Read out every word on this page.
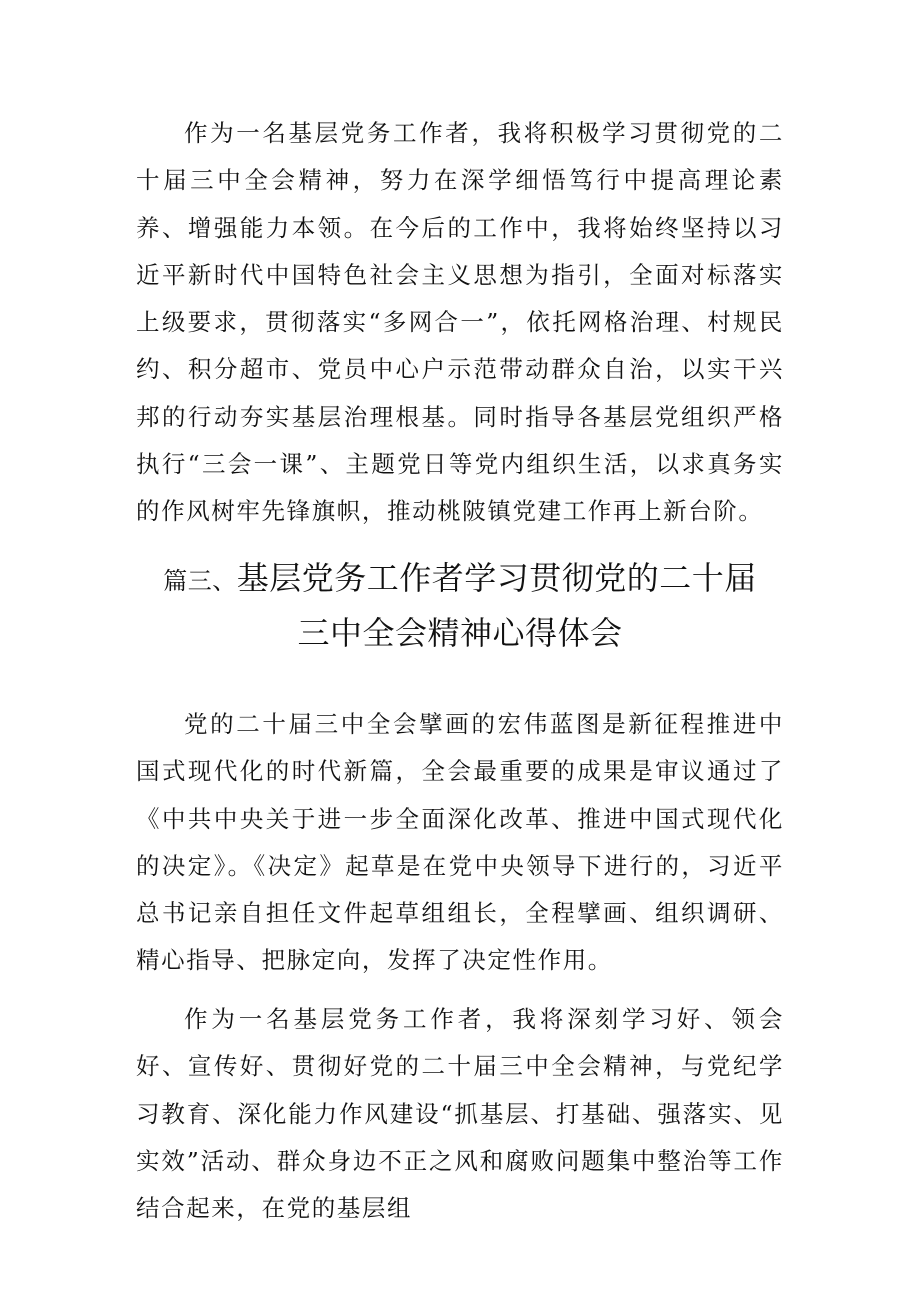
作为一名基层党务工作者，我将积极学习贯彻党的二十届三中全会精神，努力在深学细悟笃行中提高理论素养、增强能力本领。在今后的工作中，我将始终坚持以习近平新时代中国特色社会主义思想为指引，全面对标落实上级要求，贯彻落实“多网合一”，依托网格治理、村规民约、积分超市、党员中心户示范带动群众自治，以实干兴邦的行动夯实基层治理根基。同时指导各基层党组织严格执行“三会一课”、主题党日等党内组织生活，以求真务实的作风树牢先锋旗帜，推动桃陂镇党建工作再上新台阶。

篇三、基层党务工作者学习贯彻党的二十届
三中全会精神心得体会

党的二十届三中全会擘画的宏伟蓝图是新征程推进中国式现代化的时代新篇，全会最重要的成果是审议通过了《中共中央关于进一步全面深化改革、推进中国式现代化的决定》。《决定》起草是在党中央领导下进行的，习近平总书记亲自担任文件起草组组长，全程擘画、组织调研、精心指导、把脉定向，发挥了决定性作用。

作为一名基层党务工作者，我将深刻学习好、领会好、宣传好、贯彻好党的二十届三中全会精神，与党纪学习教育、深化能力作风建设“抓基层、打基础、强落实、见实效”活动、群众身边不正之风和腐败问题集中整治等工作结合起来，在党的基层组
